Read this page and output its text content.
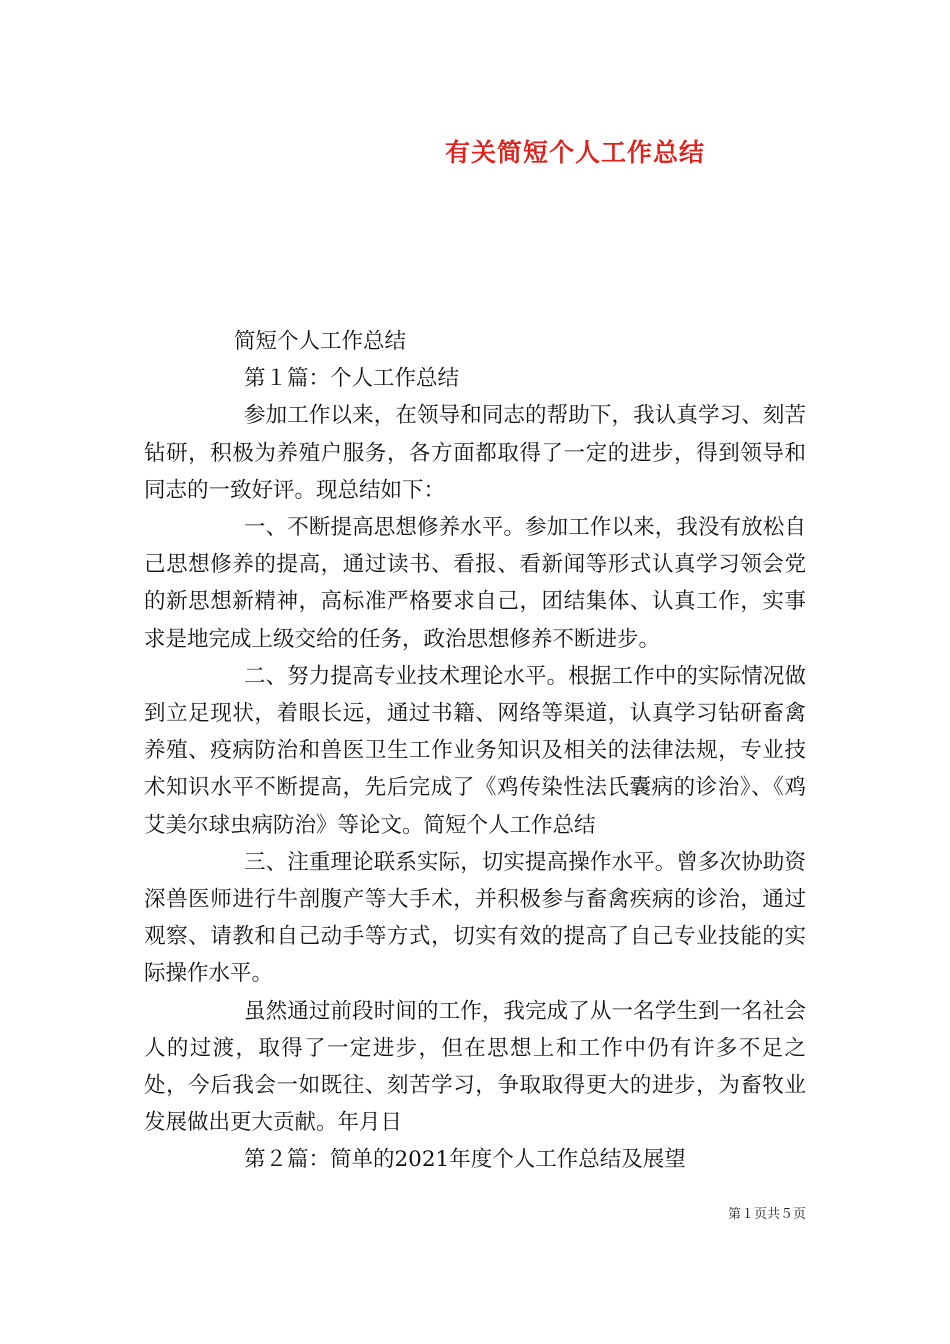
有关简短个人工作总结

简短个人工作总结

第１篇：个人工作总结

参加工作以来，在领导和同志的帮助下，我认真学习、刻苦钻研，积极为养殖户服务，各方面都取得了一定的进步，得到领导和同志的一致好评。现总结如下：

一、不断提高思想修养水平。参加工作以来，我没有放松自己思想修养的提高，通过读书、看报、看新闻等形式认真学习领会党的新思想新精神，高标准严格要求自己，团结集体、认真工作，实事求是地完成上级交给的任务，政治思想修养不断进步。

二、努力提高专业技术理论水平。根据工作中的实际情况做到立足现状，着眼长远，通过书籍、网络等渠道，认真学习钻研畜禽养殖、疫病防治和兽医卫生工作业务知识及相关的法律法规，专业技术知识水平不断提高，先后完成了《鸡传染性法氏囊病的诊治》、《鸡艾美尔球虫病防治》等论文。简短个人工作总结

三、注重理论联系实际，切实提高操作水平。曾多次协助资深兽医师进行牛剖腹产等大手术，并积极参与畜禽疾病的诊治，通过观察、请教和自己动手等方式，切实有效的提高了自己专业技能的实际操作水平。

虽然通过前段时间的工作，我完成了从一名学生到一名社会人的过渡，取得了一定进步，但在思想上和工作中仍有许多不足之处，今后我会一如既往、刻苦学习，争取取得更大的进步，为畜牧业发展做出更大贡献。年月日

第２篇：简单的2021年度个人工作总结及展望

第１页共５页
